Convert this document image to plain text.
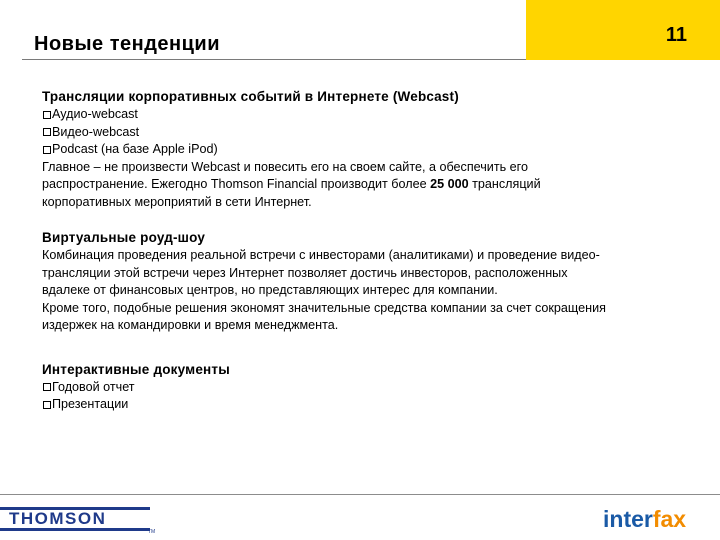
Новые тенденции	11
Трансляции корпоративных событий в Интернете (Webcast)
Аудио-webcast
Видео-webcast
Podcast (на базе Apple iPod)
Главное – не произвести Webcast и повесить его на своем сайте, а обеспечить его
распространение. Ежегодно Thomson Financial производит более 25 000 трансляций
корпоративных мероприятий в сети Интернет.
Виртуальные роуд-шоу
Комбинация проведения реальной встречи с инвесторами (аналитиками) и проведение видео-
трансляции этой встречи через Интернет позволяет достичь инвесторов, расположенных
вдалеке от финансовых центров, но представляющих интерес для компании.
Кроме того, подобные решения экономят значительные средства компании за счет сокращения
издержек на командировки и время менеджмента.
Интерактивные документы
Годовой отчет
Презентации
THOMSON
TM	interfax
